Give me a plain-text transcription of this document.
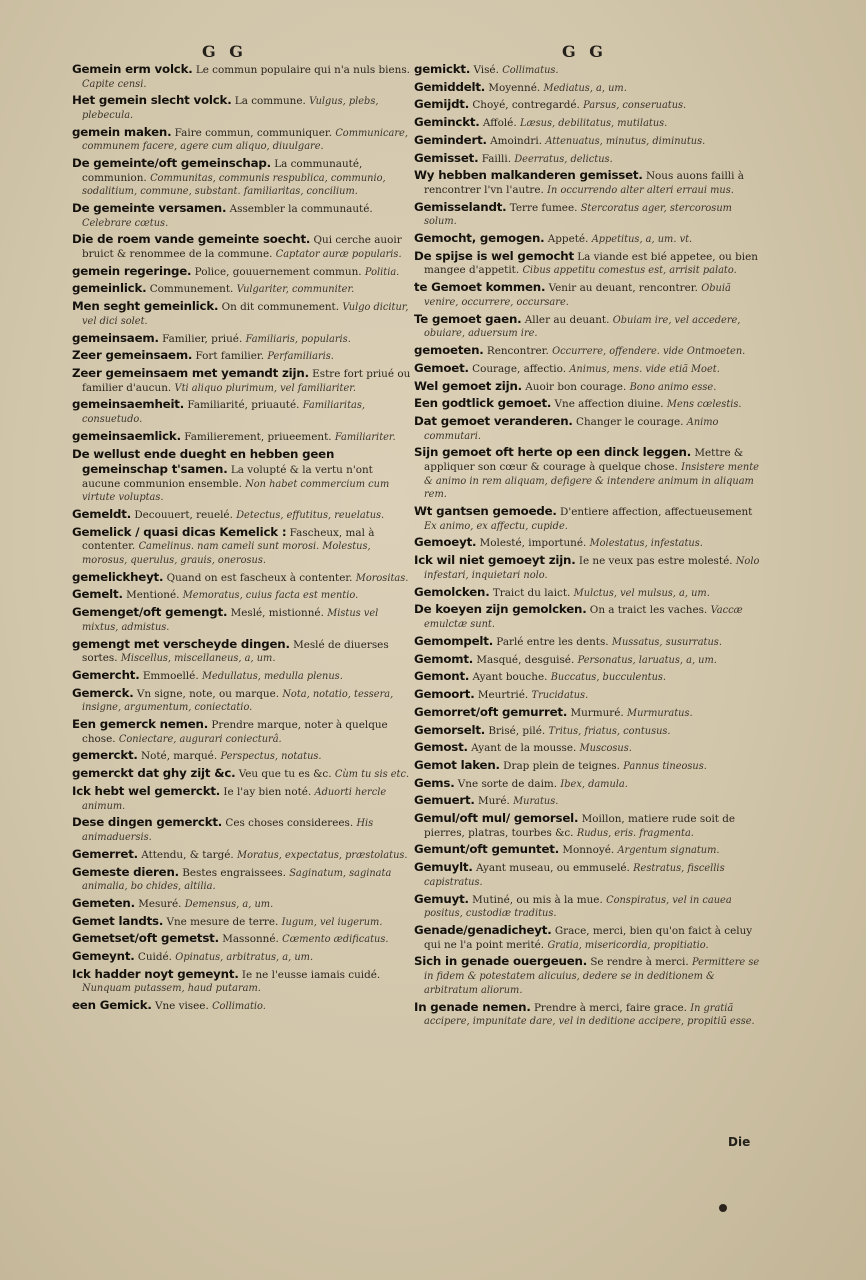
G G	G G
Gemein erm volck. Le commun populaire qui n'a nuls biens. Capite censi.
Het gemein slecht volck. La commune. Vulgus, plebs, plebecula.
gemein maken. Faire commun, communiquer. Communicare, communem facere, agere cum aliquo, diuulgare.
De gemeinte/oft gemeinschap. La communauté, communion. Communitas, communis respublica, communio, sodalitium, commune, substant. familiaritas, concilium.
De gemeinte versamen. Assembler la communauté. Celebrare cœtus.
Die de roem vande gemeinte soecht. Qui cerche auoir bruict & renommee de la commune. Captator auræ popularis.
gemein regeringe. Police, gouuernement commun. Politia.
gemeinlick. Communement. Vulgariter, communiter.
Men seght gemeinlick. On dit communement. Vulgo dicitur, vel dici solet.
gemeinsaem. Familier, priué. Familiaris, popularis.
Zeer gemeinsaem. Fort familier. Perfamiliaris.
Zeer gemeinsaem met yemandt zijn. Estre fort priué ou familier d'aucun. Vti aliquo plurimum, vel familiariter.
gemeinsaemheit. Familiarité, priuauté. Familiaritas, consuetudo.
gemeinsaemlick. Familierement, priueement. Familiariter.
De wellust ende dueght en hebben geen gemeinschap t'samen. La volupté & la vertu n'ont aucune communion ensemble. Non habet commercium cum virtute voluptas.
Gemeldt. Decouuert, reuelé. Detectus, effutitus, reuelatus.
Gemelick / quasi dicas Kemelick : Fascheux, mal à contenter. Camelinus. nam cameli sunt morosi. Molestus, morosus, querulus, grauis, onerosus.
gemelickheyt. Quand on est fascheux à contenter. Morositas.
Gemelt. Mentioné. Memoratus, cuius facta est mentio.
Gemenget/oft gemengt. Meslé, mistionné. Mistus vel mixtus, admistus.
gemengt met verscheyde dingen. Meslé de diuerses sortes. Miscellus, miscellaneus, a, um.
Gemercht. Emmoellé. Medullatus, medulla plenus.
Gemerck. Vn signe, note, ou marque. Nota, notatio, tessera, insigne, argumentum, coniectatio.
Een gemerck nemen. Prendre marque, noter à quelque chose. Coniectare, augurari coniecturâ.
gemerckt. Noté, marqué. Perspectus, notatus.
gemerckt dat ghy zijt &c. Veu que tu es &c. Cùm tu sis etc.
Ick hebt wel gemerckt. Ie l'ay bien noté. Aduorti hercle animum.
Dese dingen gemerckt. Ces choses considerees. His animaduersis.
Gemerret. Attendu, & targé. Moratus, expectatus, præstolatus.
Gemeste dieren. Bestes engraissees. Saginatum, saginata animalia, bo chides, altilia.
Gemeten. Mesuré. Demensus, a, um.
Gemet landts. Vne mesure de terre. Iugum, vel iugerum.
Gemetset/oft gemetst. Massonné. Cœmento ædificatus.
Gemeynt. Cuidé. Opinatus, arbitratus, a, um.
Ick hadder noyt gemeynt. Ie ne l'eusse iamais cuidé. Nunquam putassem, haud putaram.
een Gemick. Vne visee. Collimatio.
gemickt. Visé. Collimatus.
Gemiddelt. Moyenné. Mediatus, a, um.
Gemijdt. Choyé, contregardé. Parsus, conseruatus.
Geminckt. Affolé. Læsus, debilitatus, mutilatus.
Gemindert. Amoindri. Attenuatus, minutus, diminutus.
Gemisset. Failli. Deerratus, delictus.
Wy hebben malkanderen gemisset. Nous auons failli à rencontrer l'vn l'autre. In occurrendo alter alteri erraui mus.
Gemisselandt. Terre fumee. Stercoratus ager, stercorosum solum.
Gemocht, gemogen. Appeté. Appetitus, a, um. vt.
De spijse is wel gemocht La viande est bié appetee, ou bien mangee d'appetit. Cibus appetitu comestus est, arrisit palato.
te Gemoet kommen. Venir au deuant, rencontrer. Obuiã venire, occurrere, occursare.
Te gemoet gaen. Aller au deuant. Obuiam ire, vel accedere, obuiare, aduersum ire.
gemoeten. Rencontrer. Occurrere, offendere. vide Ontmoeten.
Gemoet. Courage, affectio. Animus, mens. vide etiã Moet.
Wel gemoet zijn. Auoir bon courage. Bono animo esse.
Een godtlick gemoet. Vne affection diuine. Mens cœlestis.
Dat gemoet veranderen. Changer le courage. Animo commutari.
Sijn gemoet oft herte op een dinck leggen. Mettre & appliquer son cœur & courage à quelque chose. Insistere mente & animo in rem aliquam, defigere & intendere animum in aliquam rem.
Wt gantsen gemoede. D'entiere affection, affectueusement Ex animo, ex affectu, cupide.
Gemoeyt. Molesté, importuné. Molestatus, infestatus.
Ick wil niet gemoeyt zijn. Ie ne veux pas estre molesté. Nolo infestari, inquietari nolo.
Gemolcken. Traict du laict. Mulctus, vel mulsus, a, um.
De koeyen zijn gemolcken. On a traict les vaches. Vaccæ emulctæ sunt.
Gemompelt. Parlé entre les dents. Mussatus, susurratus.
Gemomt. Masqué, desguisé. Personatus, laruatus, a, um.
Gemont. Ayant bouche. Buccatus, bucculentus.
Gemoort. Meurtrié. Trucidatus.
Gemorret/oft gemurret. Murmuré. Murmuratus.
Gemorselt. Brisé, pilé. Tritus, friatus, contusus.
Gemost. Ayant de la mousse. Muscosus.
Gemot laken. Drap plein de teignes. Pannus tineosus.
Gems. Vne sorte de daim. Ibex, damula.
Gemuert. Muré. Muratus.
Gemul/oft mul/ gemorsel. Moillon, matiere rude soit de pierres, platras, tourbes &c. Rudus, eris. fragmenta.
Gemunt/oft gemuntet. Monnoyé. Argentum signatum.
Gemuylt. Ayant museau, ou emmuselé. Restratus, fiscellis capistratus.
Gemuyt. Mutiné, ou mis à la mue. Conspiratus, vel in cauea positus, custodiæ traditus.
Genade/genadicheyt. Grace, merci, bien qu'on faict à celuy qui ne l'a point merité. Gratia, misericordia, propitiatio.
Sich in genade ouergeuen. Se rendre à merci. Permittere se in fidem & potestatem alicuius, dedere se in deditionem & arbitratum aliorum.
In genade nemen. Prendre à merci, faire grace. In gratiã accipere, impunitate dare, vel in deditione accipere, propitiũ esse.
Die
